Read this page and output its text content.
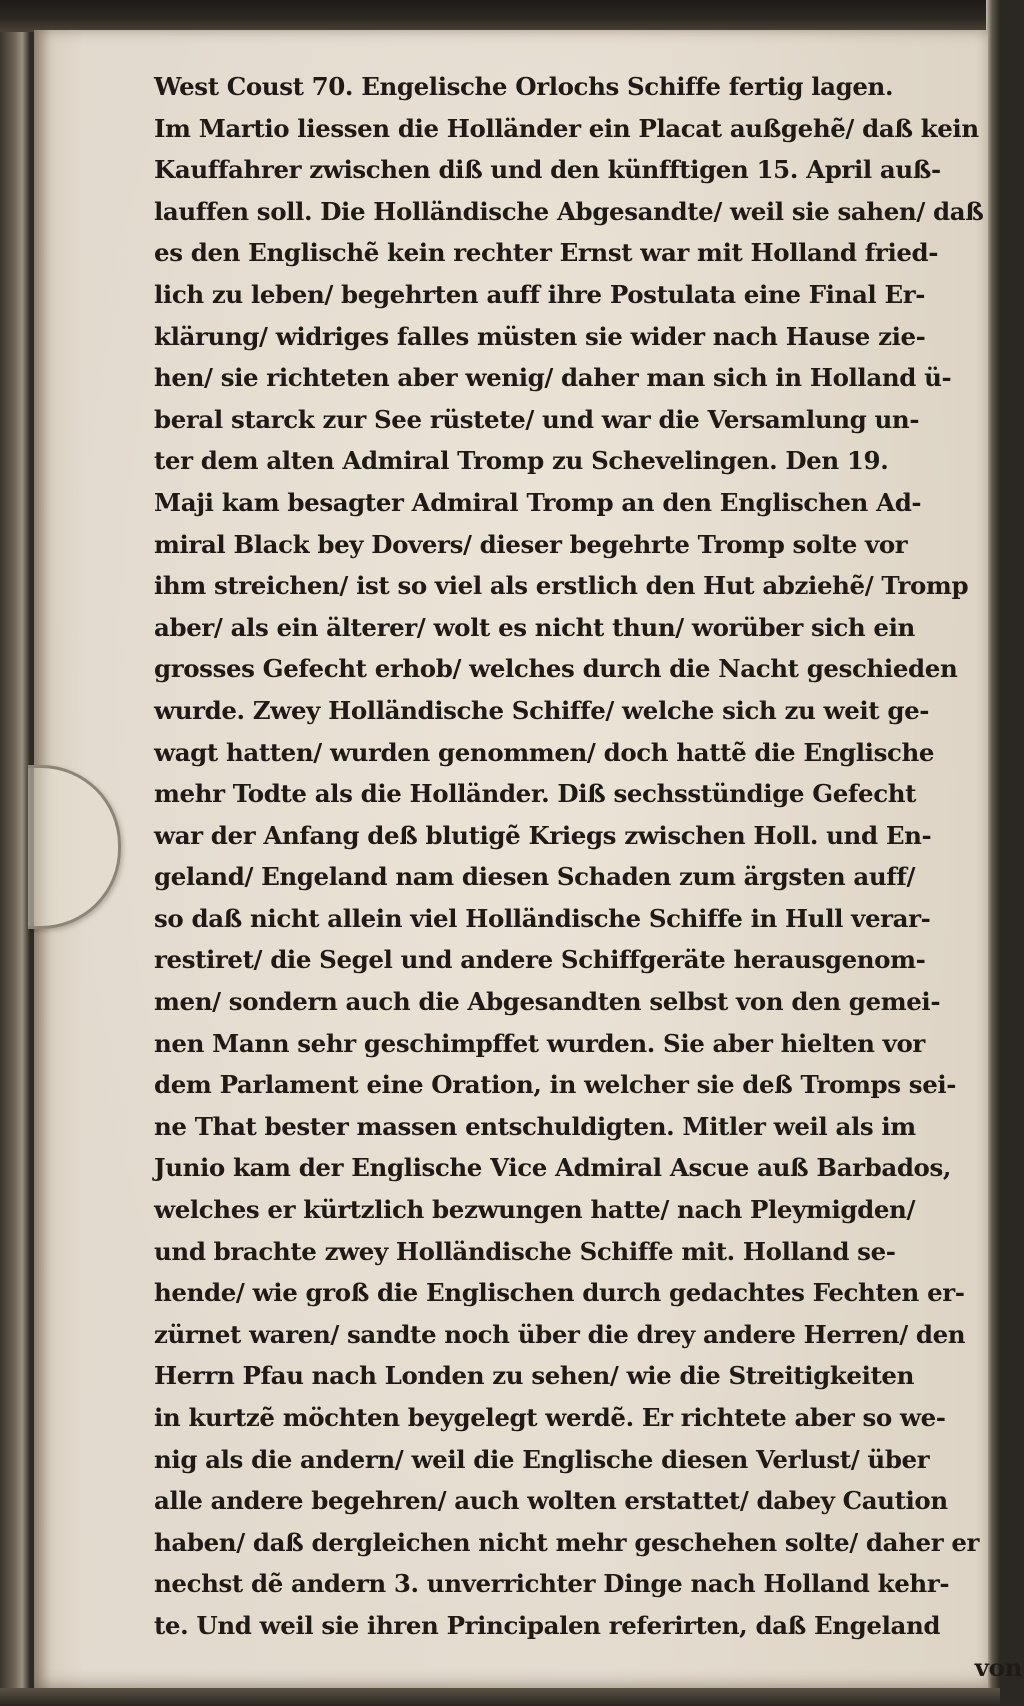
West Coust 70. Engelische Orlochs Schiffe fertig lagen.
Im Martio liessen die Holländer ein Placat außgehẽ/ daß kein
Kauffahrer zwischen diß und den künfftigen 15. April auß-
lauffen soll. Die Holländische Abgesandte/ weil sie sahen/ daß
es den Englischẽ kein rechter Ernst war mit Holland fried-
lich zu leben/ begehrten auff ihre Postulata eine Final Er-
klärung/ widriges falles müsten sie wider nach Hause zie-
hen/ sie richteten aber wenig/ daher man sich in Holland ü-
beral starck zur See rüstete/ und war die Versamlung un-
ter dem alten Admiral Tromp zu Schevelingen. Den 19.
Maji kam besagter Admiral Tromp an den Englischen Ad-
miral Black bey Dovers/ dieser begehrte Tromp solte vor
ihm streichen/ ist so viel als erstlich den Hut abziehẽ/ Tromp
aber/ als ein älterer/ wolt es nicht thun/ worüber sich ein
grosses Gefecht erhob/ welches durch die Nacht geschieden
wurde. Zwey Holländische Schiffe/ welche sich zu weit ge-
wagt hatten/ wurden genommen/ doch hattẽ die Englische
mehr Todte als die Holländer. Diß sechsstündige Gefecht
war der Anfang deß blutigẽ Kriegs zwischen Holl. und En-
geland/ Engeland nam diesen Schaden zum ärgsten auff/
so daß nicht allein viel Holländische Schiffe in Hull verar-
restiret/ die Segel und andere Schiffgeräte herausgenom-
men/ sondern auch die Abgesandten selbst von den gemei-
nen Mann sehr geschimpffet wurden. Sie aber hielten vor
dem Parlament eine Oration, in welcher sie deß Tromps sei-
ne That bester massen entschuldigten. Mitler weil als im
Junio kam der Englische Vice Admiral Ascue auß Barbados,
welches er kürtzlich bezwungen hatte/ nach Pleymigden/
und brachte zwey Holländische Schiffe mit. Holland se-
hende/ wie groß die Englischen durch gedachtes Fechten er-
zürnet waren/ sandte noch über die drey andere Herren/ den
Herrn Pfau nach Londen zu sehen/ wie die Streitigkeiten
in kurtzẽ möchten beygelegt werdẽ. Er richtete aber so we-
nig als die andern/ weil die Englische diesen Verlust/ über
alle andere begehren/ auch wolten erstattet/ dabey Caution
haben/ daß dergleichen nicht mehr geschehen solte/ daher er
nechst dẽ andern 3. unverrichter Dinge nach Holland kehr-
te. Und weil sie ihren Principalen referirten, daß Engeland
von
